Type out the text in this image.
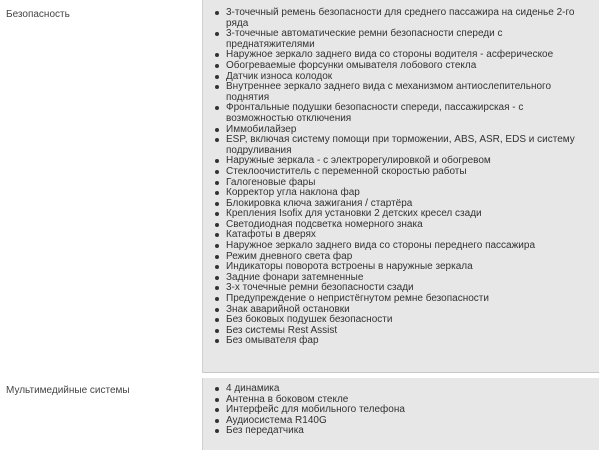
3-точечный ремень безопасности для среднего пассажира на сиденье 2-го ряда
3-точечные автоматические ремни безопасности спереди с преднатяжителями
Наружное зеркало заднего вида со стороны водителя - асферическое
Обогреваемые форсунки омывателя лобового стекла
Датчик износа колодок
Внутреннее зеркало заднего вида с механизмом антиослепительного поднятия
Фронтальные подушки безопасности спереди, пассажирская - с возможностью отключения
Иммобилайзер
ESP, включая систему помощи при торможении, ABS, ASR, EDS и систему подруливания
Наружные зеркала - с электрорегулировкой и обогревом
Стеклоочиститель с переменной скоростью работы
Галогеновые фары
Корректор угла наклона фар
Блокировка ключа зажигания / стартёра
Крепления Isofix для установки 2 детских кресел сзади
Светодиодная подсветка номерного знака
Катафоты в дверях
Наружное зеркало заднего вида со стороны переднего пассажира
Режим дневного света фар
Индикаторы поворота встроены в наружные зеркала
Задние фонари затемненные
3-х точечные ремни безопасности сзади
Предупреждение о непристёгнутом ремне безопасности
Знак аварийной остановки
Без боковых подушек безопасности
Без системы Rest Assist
Без омывателя фар
Безопасность
4 динамика
Антенна в боковом стекле
Интерфейс для мобильного телефона
Аудиосистема R140G
Без передатчика
Мультимедийные системы
